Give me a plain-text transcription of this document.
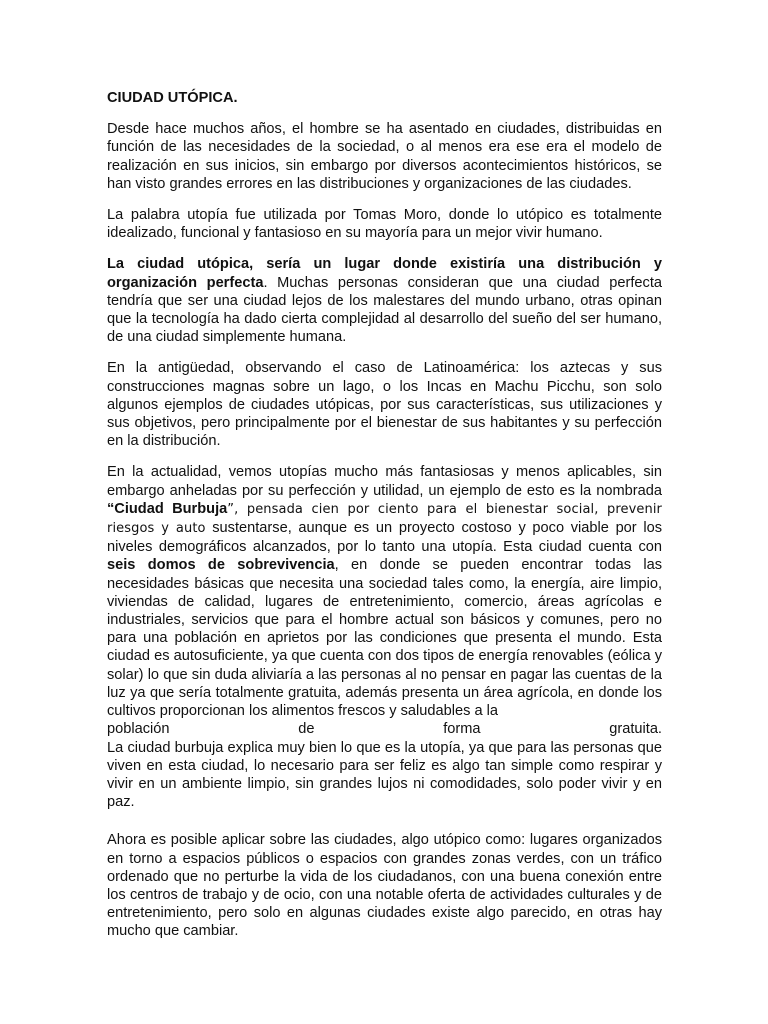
CIUDAD UTÓPICA.

Desde hace muchos años, el hombre se ha asentado en ciudades, distribuidas en función de las necesidades de la sociedad, o al menos era ese era el modelo de realización en sus inicios, sin embargo por diversos acontecimientos históricos, se han visto grandes errores en las distribuciones y organizaciones de las ciudades.

La palabra utopía fue utilizada por Tomas Moro, donde lo utópico es totalmente idealizado, funcional y fantasioso en su mayoría para un mejor vivir humano.

La ciudad utópica, sería un lugar donde existiría una distribución y organización perfecta. Muchas personas consideran que una ciudad perfecta tendría que ser una ciudad lejos de los malestares del mundo urbano, otras opinan que la tecnología ha dado cierta complejidad al desarrollo del sueño del ser humano, de una ciudad simplemente humana.

En la antigüedad, observando el caso de Latinoamérica: los aztecas y sus construcciones magnas sobre un lago, o los Incas en Machu Picchu, son solo algunos ejemplos de ciudades utópicas, por sus características, sus utilizaciones y sus objetivos, pero principalmente por el bienestar de sus habitantes y su perfección en la distribución.

En la actualidad, vemos utopías mucho más fantasiosas y menos aplicables, sin embargo anheladas por su perfección y utilidad, un ejemplo de esto es la nombrada “Ciudad Burbuja”, pensada cien por ciento para el bienestar social, prevenir riesgos y auto sustentarse, aunque es un proyecto costoso y poco viable por los niveles demográficos alcanzados, por lo tanto una utopía. Esta ciudad cuenta con seis domos de sobrevivencia, en donde se pueden encontrar todas las necesidades básicas que necesita una sociedad tales como, la energía, aire limpio, viviendas de calidad, lugares de entretenimiento, comercio, áreas agrícolas e industriales, servicios que para el hombre actual son básicos y comunes, pero no para una población en aprietos por las condiciones que presenta el mundo. Esta ciudad es autosuficiente, ya que cuenta con dos tipos de energía renovables (eólica y solar) lo que sin duda aliviaría a las personas al no pensar en pagar las cuentas de la luz ya que sería totalmente gratuita, además presenta un área agrícola, en donde los cultivos proporcionan los alimentos frescos y saludables a la

población de forma gratuita.

La ciudad burbuja explica muy bien lo que es la utopía, ya que para las personas que viven en esta ciudad, lo necesario para ser feliz es algo tan simple como respirar y vivir en un ambiente limpio, sin grandes lujos ni comodidades, solo poder vivir y en paz.

Ahora es posible aplicar sobre las ciudades, algo utópico como: lugares organizados en torno a espacios públicos o espacios con grandes zonas verdes, con un tráfico ordenado que no perturbe la vida de los ciudadanos, con una buena conexión entre los centros de trabajo y de ocio, con una notable oferta de actividades culturales y de entretenimiento, pero solo en algunas ciudades existe algo parecido, en otras hay mucho que cambiar.
